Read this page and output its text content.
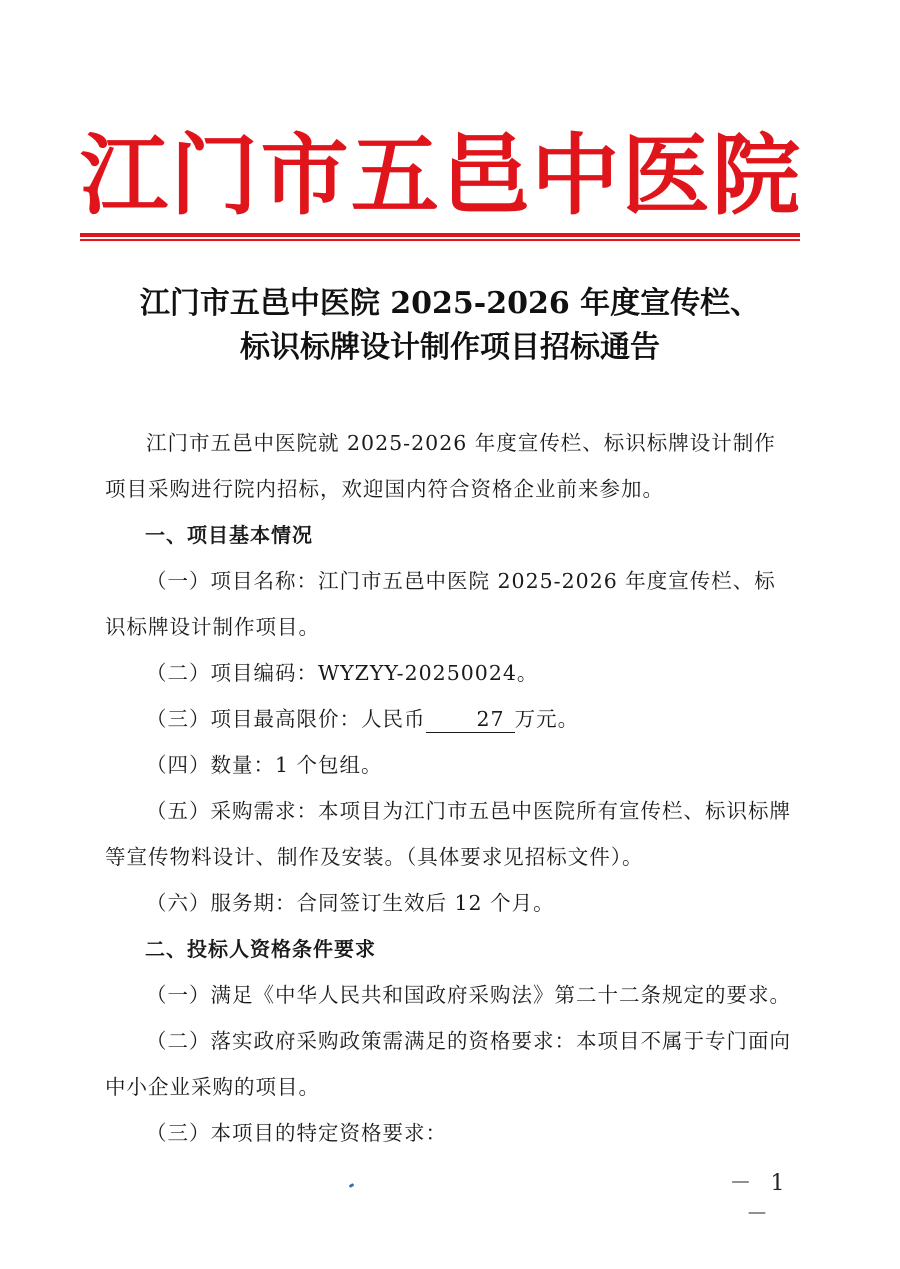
江 门 市 五 邑 中 医 院
江门市五邑中医院 2025-2026 年度宣传栏、
标识标牌设计制作项目招标通告

江门市五邑中医院就 2025-2026 年度宣传栏、标识标牌设计制作项目采购进行院内招标，欢迎国内符合资格企业前来参加。

一、项目基本情况

（一）项目名称：江门市五邑中医院 2025-2026 年度宣传栏、标识标牌设计制作项目。

（二）项目编码：WYZYY-20250024。

（三）项目最高限价：人民币 27 万元。

（四）数量：1 个包组。

（五）采购需求：本项目为江门市五邑中医院所有宣传栏、标识标牌等宣传物料设计、制作及安装。（具体要求见招标文件）。

（六）服务期：合同签订生效后 12 个月。

二、投标人资格条件要求

（一）满足《中华人民共和国政府采购法》第二十二条规定的要求。

（二）落实政府采购政策需满足的资格要求：本项目不属于专门面向中小企业采购的项目。

（三）本项目的特定资格要求：

－ 1 －
